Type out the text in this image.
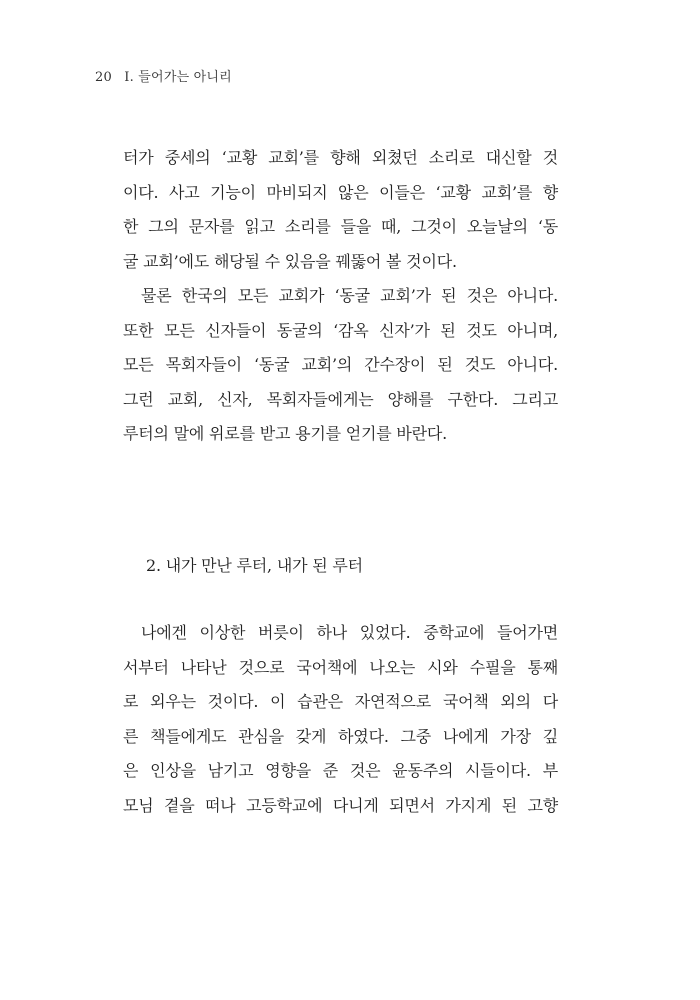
20 I. 들어가는 아니리
터가 중세의 ‘교황 교회’를 향해 외쳤던 소리로 대신할 것
이다. 사고 기능이 마비되지 않은 이들은 ‘교황 교회’를 향
한 그의 문자를 읽고 소리를 들을 때, 그것이 오늘날의 ‘동
굴 교회’에도 해당될 수 있음을 꿰뚫어 볼 것이다.
물론 한국의 모든 교회가 ‘동굴 교회’가 된 것은 아니다.
또한 모든 신자들이 동굴의 ‘감옥 신자’가 된 것도 아니며,
모든 목회자들이 ‘동굴 교회’의 간수장이 된 것도 아니다.
그런 교회, 신자, 목회자들에게는 양해를 구한다. 그리고
루터의 말에 위로를 받고 용기를 얻기를 바란다.
2. 내가 만난 루터, 내가 된 루터
나에겐 이상한 버릇이 하나 있었다. 중학교에 들어가면
서부터 나타난 것으로 국어책에 나오는 시와 수필을 통째
로 외우는 것이다. 이 습관은 자연적으로 국어책 외의 다
른 책들에게도 관심을 갖게 하였다. 그중 나에게 가장 깊
은 인상을 남기고 영향을 준 것은 윤동주의 시들이다. 부
모님 곁을 떠나 고등학교에 다니게 되면서 가지게 된 고향
